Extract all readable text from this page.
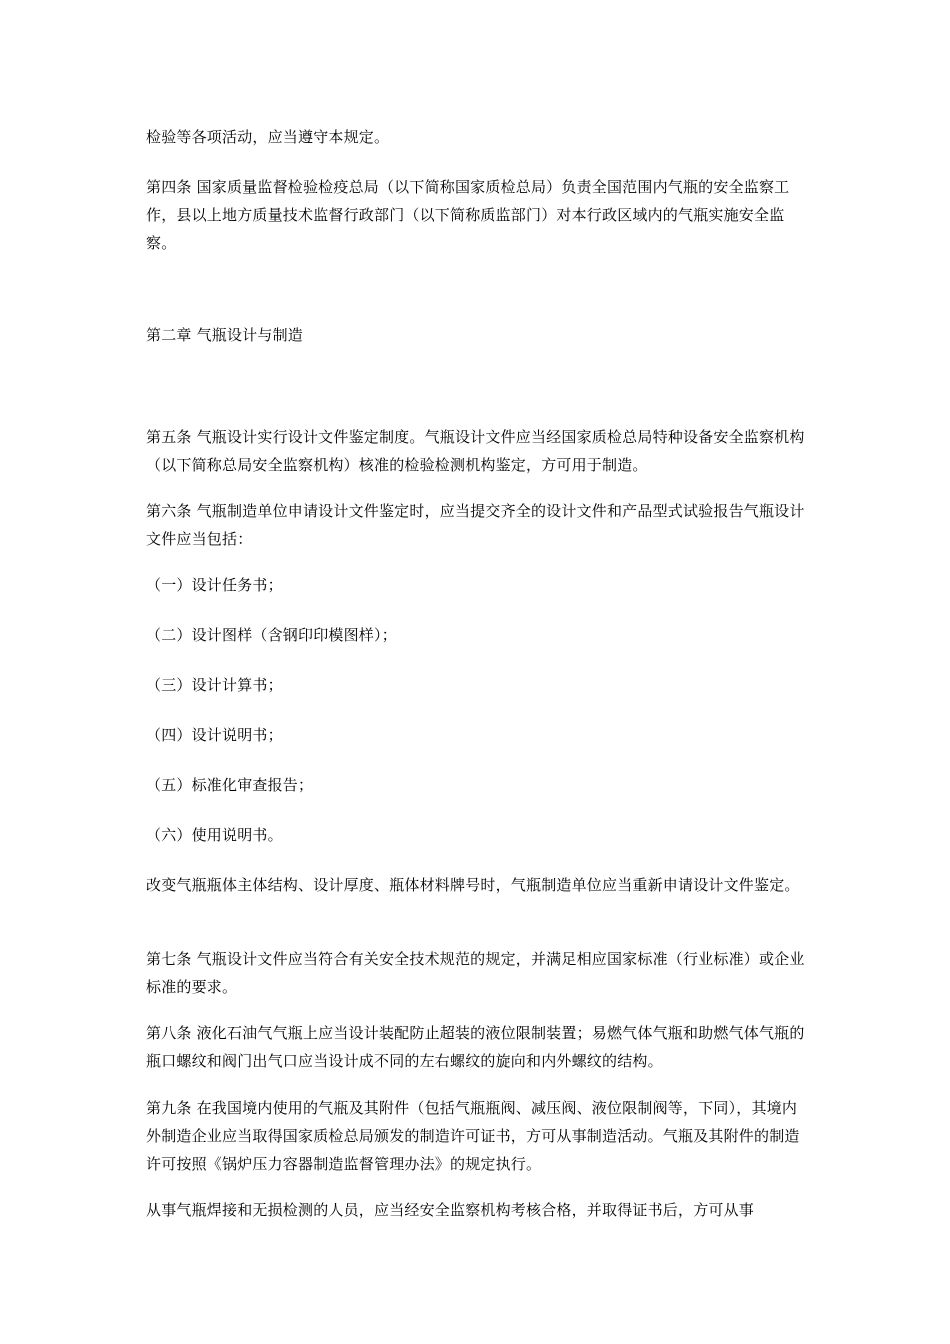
检验等各项活动，应当遵守本规定。

第四条 国家质量监督检验检疫总局（以下简称国家质检总局）负责全国范围内气瓶的安全监察工作，县以上地方质量技术监督行政部门（以下简称质监部门）对本行政区域内的气瓶实施安全监察。

第二章 气瓶设计与制造

第五条 气瓶设计实行设计文件鉴定制度。气瓶设计文件应当经国家质检总局特种设备安全监察机构（以下简称总局安全监察机构）核准的检验检测机构鉴定，方可用于制造。

第六条 气瓶制造单位申请设计文件鉴定时，应当提交齐全的设计文件和产品型式试验报告气瓶设计文件应当包括：

（一）设计任务书；

（二）设计图样（含钢印印模图样）；

（三）设计计算书；

（四）设计说明书；

（五）标准化审查报告；

（六）使用说明书。

改变气瓶瓶体主体结构、设计厚度、瓶体材料牌号时，气瓶制造单位应当重新申请设计文件鉴定。

第七条 气瓶设计文件应当符合有关安全技术规范的规定，并满足相应国家标准（行业标准）或企业标准的要求。

第八条 液化石油气气瓶上应当设计装配防止超装的液位限制装置；易燃气体气瓶和助燃气体气瓶的瓶口螺纹和阀门出气口应当设计成不同的左右螺纹的旋向和内外螺纹的结构。

第九条 在我国境内使用的气瓶及其附件（包括气瓶瓶阀、减压阀、液位限制阀等，下同），其境内外制造企业应当取得国家质检总局颁发的制造许可证书，方可从事制造活动。气瓶及其附件的制造许可按照《锅炉压力容器制造监督管理办法》的规定执行。

从事气瓶焊接和无损检测的人员，应当经安全监察机构考核合格，并取得证书后，方可从事
